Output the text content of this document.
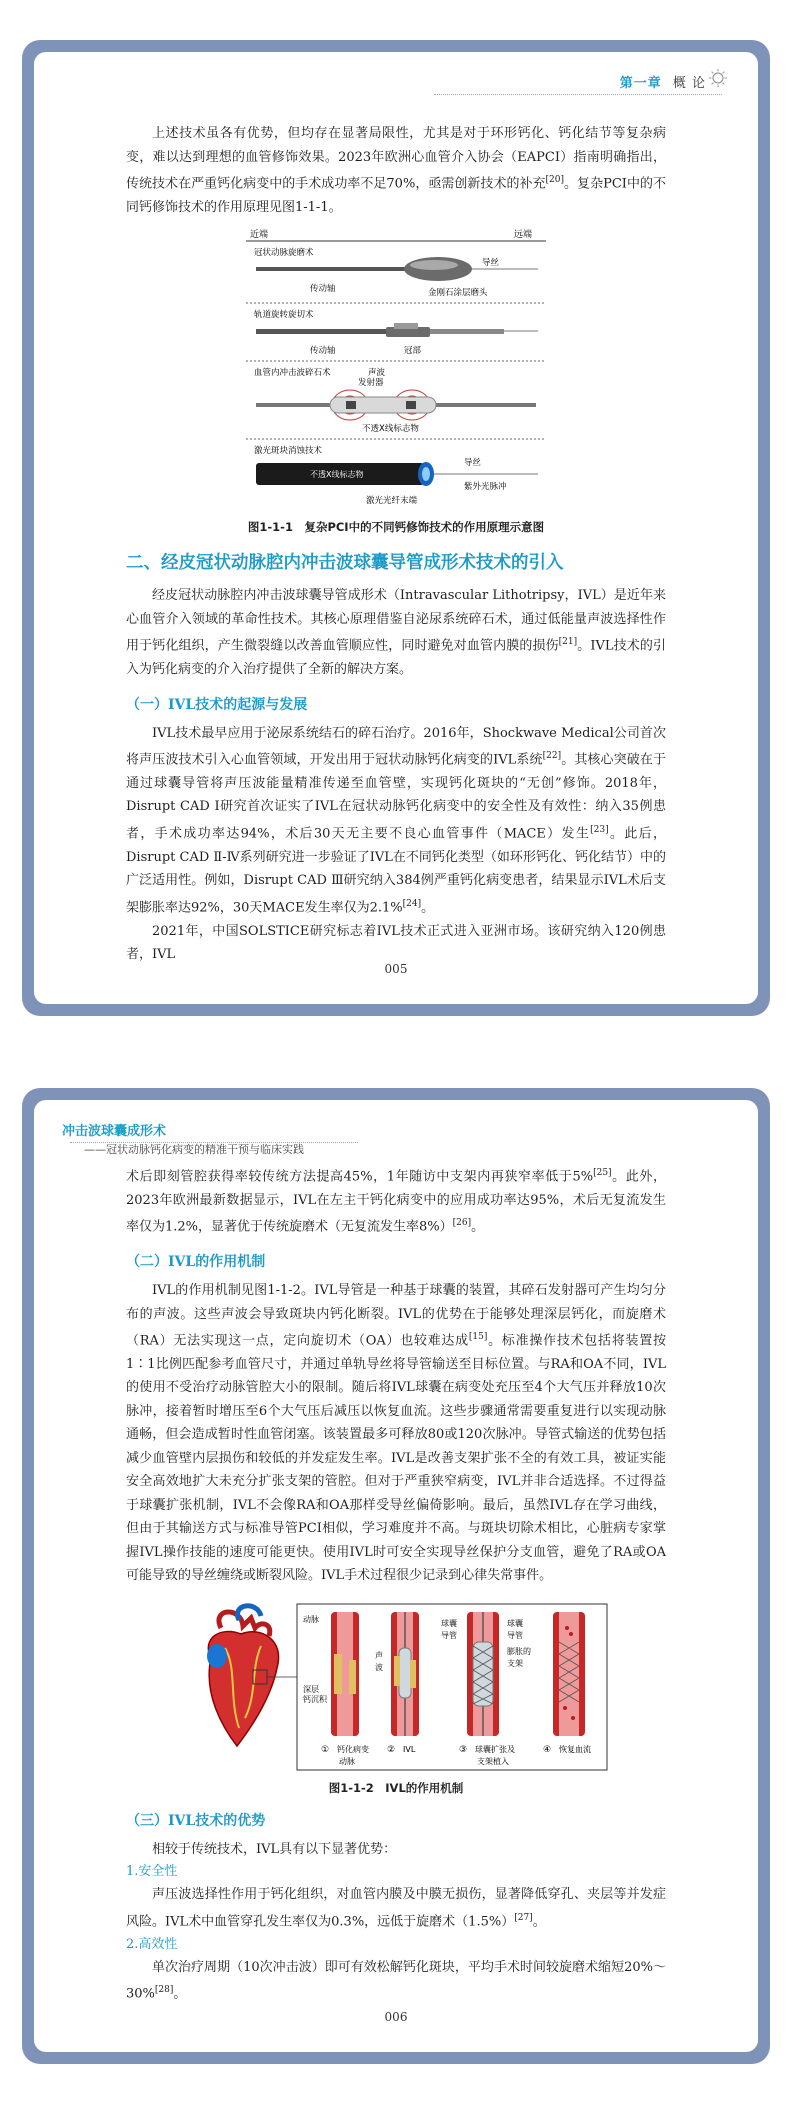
第一章 概 论

上述技术虽各有优势，但均存在显著局限性，尤其是对于环形钙化、钙化结节等复杂病变，难以达到理想的血管修饰效果。2023年欧洲心血管介入协会（EAPCI）指南明确指出，传统技术在严重钙化病变中的手术成功率不足70%，亟需创新技术的补充[20]。复杂PCI中的不同钙修饰技术的作用原理见图1-1-1。

近端	远端
冠状动脉旋磨术
导丝
传动轴	金刚石涂层磨头
轨道旋转旋切术
传动轴	冠部
血管内冲击波碎石术	声波
发射器
不透X线标志物
激光斑块消蚀技术
不透X线标志物
导丝
激光光纤末端
紫外光脉冲
图1-1-1　复杂PCI中的不同钙修饰技术的作用原理示意图
二、经皮冠状动脉腔内冲击波球囊导管成形术技术的引入

经皮冠状动脉腔内冲击波球囊导管成形术（Intravascular Lithotripsy，IVL）是近年来心血管介入领域的革命性技术。其核心原理借鉴自泌尿系统碎石术，通过低能量声波选择性作用于钙化组织，产生微裂缝以改善血管顺应性，同时避免对血管内膜的损伤[21]。IVL技术的引入为钙化病变的介入治疗提供了全新的解决方案。

（一）IVL技术的起源与发展

IVL技术最早应用于泌尿系统结石的碎石治疗。2016年，Shockwave Medical公司首次将声压波技术引入心血管领域，开发出用于冠状动脉钙化病变的IVL系统[22]。其核心突破在于通过球囊导管将声压波能量精准传递至血管壁，实现钙化斑块的“无创”修饰。2018年，Disrupt CAD Ⅰ研究首次证实了IVL在冠状动脉钙化病变中的安全性及有效性：纳入35例患者，手术成功率达94%，术后30天无主要不良心血管事件（MACE）发生[23]。此后，Disrupt CAD Ⅱ-Ⅳ系列研究进一步验证了IVL在不同钙化类型（如环形钙化、钙化结节）中的广泛适用性。例如，Disrupt CAD Ⅲ研究纳入384例严重钙化病变患者，结果显示IVL术后支架膨胀率达92%，30天MACE发生率仅为2.1%[24]。

2021年，中国SOLSTICE研究标志着IVL技术正式进入亚洲市场。该研究纳入120例患者，IVL

005
冲击波球囊成形术
——冠状动脉钙化病变的精准干预与临床实践

术后即刻管腔获得率较传统方法提高45%，1年随访中支架内再狭窄率低于5%[25]。此外，2023年欧洲最新数据显示，IVL在左主干钙化病变中的应用成功率达95%，术后无复流发生率仅为1.2%，显著优于传统旋磨术（无复流发生率8%）[26]。

（二）IVL的作用机制

IVL的作用机制见图1-1-2。IVL导管是一种基于球囊的装置，其碎石发射器可产生均匀分布的声波。这些声波会导致斑块内钙化断裂。IVL的优势在于能够处理深层钙化，而旋磨术（RA）无法实现这一点，定向旋切术（OA）也较难达成[15]。标准操作技术包括将装置按1∶1比例匹配参考血管尺寸，并通过单轨导丝将导管输送至目标位置。与RA和OA不同，IVL的使用不受治疗动脉管腔大小的限制。随后将IVL球囊在病变处充压至4个大气压并释放10次脉冲，接着暂时增压至6个大气压后减压以恢复血流。这些步骤通常需要重复进行以实现动脉通畅，但会造成暂时性血管闭塞。该装置最多可释放80或120次脉冲。导管式输送的优势包括减少血管壁内层损伤和较低的并发症发生率。IVL是改善支架扩张不全的有效工具，被证实能安全高效地扩大未充分扩张支架的管腔。但对于严重狭窄病变，IVL并非合适选择。不过得益于球囊扩张机制，IVL不会像RA和OA那样受导丝偏倚影响。最后，虽然IVL存在学习曲线，但由于其输送方式与标准导管PCI相似，学习难度并不高。与斑块切除术相比，心脏病专家掌握IVL操作技能的速度可能更快。使用IVL时可安全实现导丝保护分支血管，避免了RA或OA可能导致的导丝缠绕或断裂风险。IVL手术过程很少记录到心律失常事件。

动脉
深层
钙沉积
声
波
球囊
导管
球囊
导管
膨胀的
支架
① 钙化病变
动脉
② IVL	③ 球囊扩张及
支架植入
④ 恢复血流
图1-1-2　IVL的作用机制
（三）IVL技术的优势

相较于传统技术，IVL具有以下显著优势：

1.安全性

声压波选择性作用于钙化组织，对血管内膜及中膜无损伤，显著降低穿孔、夹层等并发症风险。IVL术中血管穿孔发生率仅为0.3%，远低于旋磨术（1.5%）[27]。

2.高效性

单次治疗周期（10次冲击波）即可有效松解钙化斑块，平均手术时间较旋磨术缩短20%～30%[28]。

006
